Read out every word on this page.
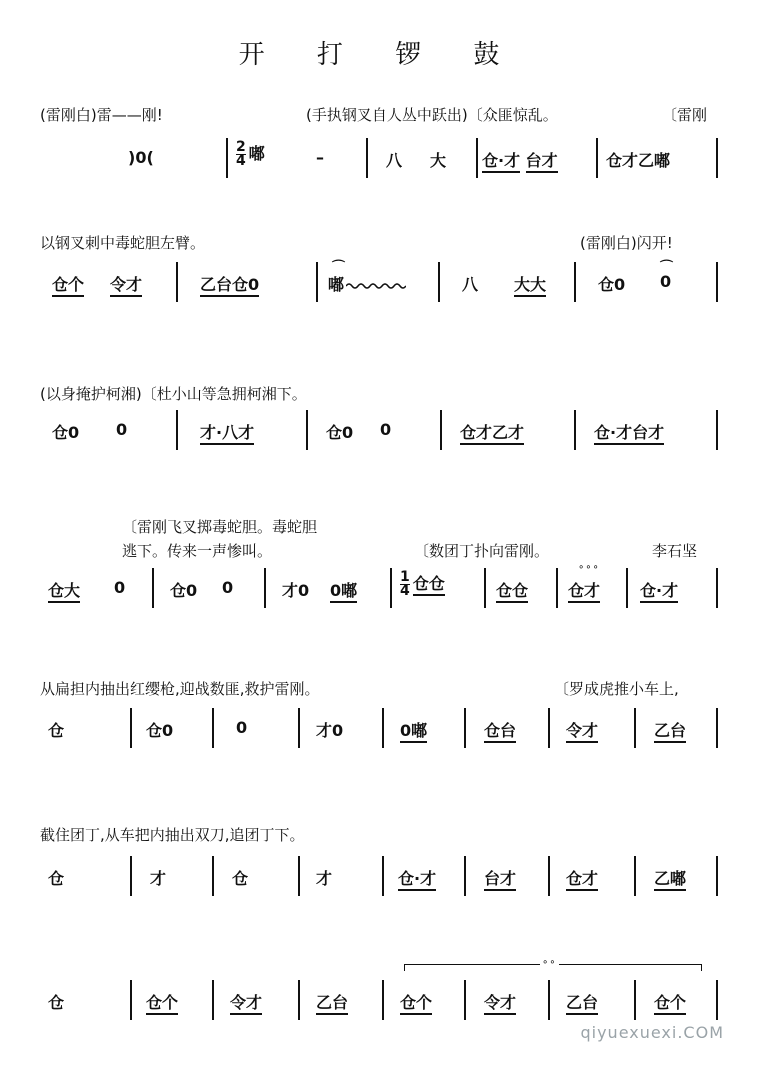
开 打 锣 鼓
(雷刚白)雷——刚!	(手执钢叉自人丛中跃出)〔众匪惊乱。	〔雷刚
)0(	$\frac{2}{4}$ 嘟	–	八 大 仓·才 台才	仓才乙嘟
以钢叉刺中毒蛇胆左臂。	(雷刚白)闪开!
仓个 令才	乙台仓0
⌒
嘟	八 大大	仓0
⌒
0
(以身掩护柯湘)〔杜小山等急拥柯湘下。
仓0 0	才·八才	仓0 0	仓才乙才	仓·才台才
〔雷刚飞叉掷毒蛇胆。毒蛇胆
逃下。传来一声惨叫。	〔数团丁扑向雷刚。	李石坚
仓大 0	仓0 0	才0 0嘟	$\frac{1}{4}$ 仓仓	仓仓
∘∘∘
仓才 仓·才
从扁担内抽出红缨枪,迎战数匪,救护雷刚。	〔罗成虎推小车上,
仓	仓0	0	才0	0嘟	仓台	令才	乙台
截住团丁,从车把内抽出双刀,追团丁下。
仓	才	仓	才	仓·才	台才	仓才	乙嘟
∘∘
仓	仓个	令才	乙台	仓个	令才	乙台	仓个
qiyuexuexi.COM
